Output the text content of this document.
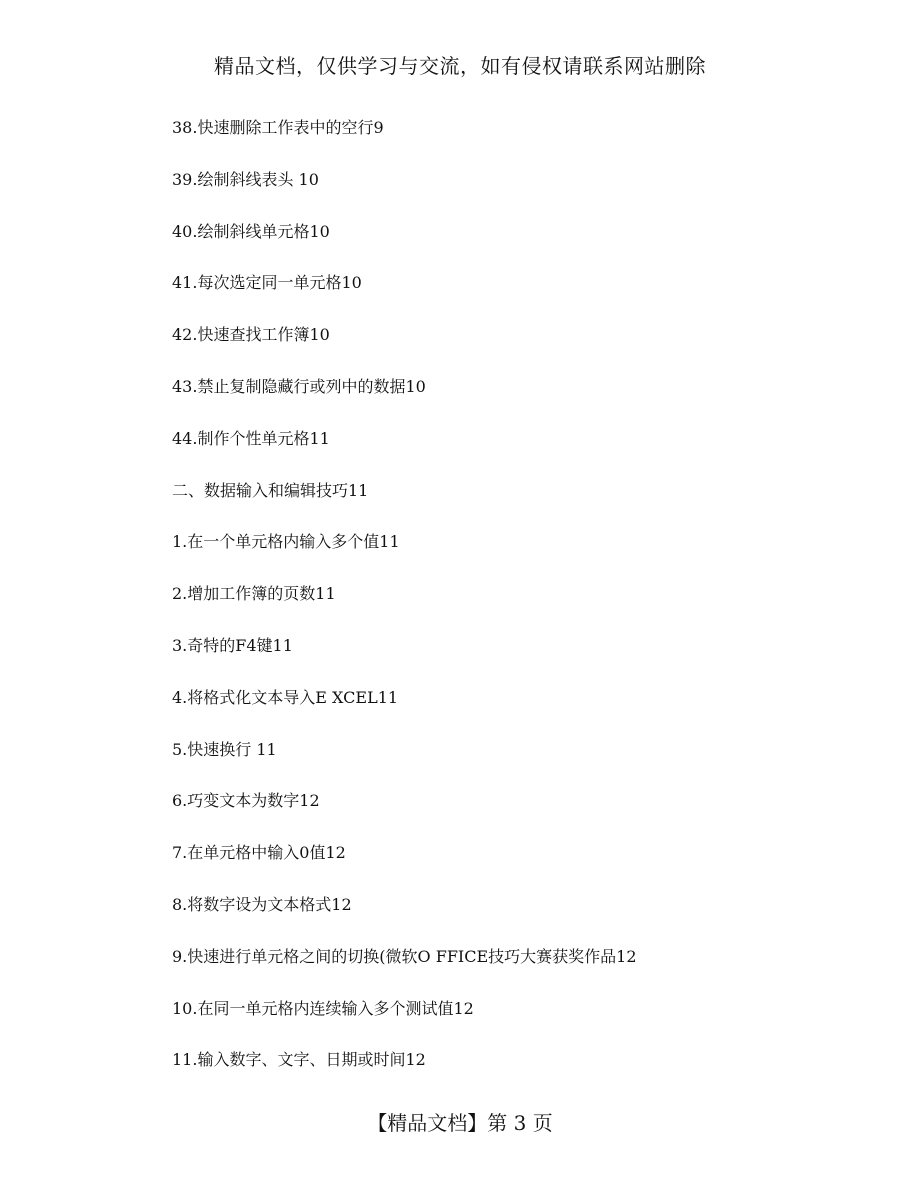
精品文档，仅供学习与交流，如有侵权请联系网站删除
38.快速删除工作表中的空行9
39.绘制斜线表头 10
40.绘制斜线单元格10
41.每次选定同一单元格10
42.快速查找工作簿10
43.禁止复制隐藏行或列中的数据10
44.制作个性单元格11
二、数据输入和编辑技巧11
1.在一个单元格内输入多个值11
2.增加工作簿的页数11
3.奇特的F4键11
4.将格式化文本导入E XCEL11
5.快速换行 11
6.巧变文本为数字12
7.在单元格中输入0值12
8.将数字设为文本格式12
9.快速进行单元格之间的切换(微软O FFICE技巧大赛获奖作品12
10.在同一单元格内连续输入多个测试值12
11.输入数字、文字、日期或时间12
【精品文档】第 3 页
